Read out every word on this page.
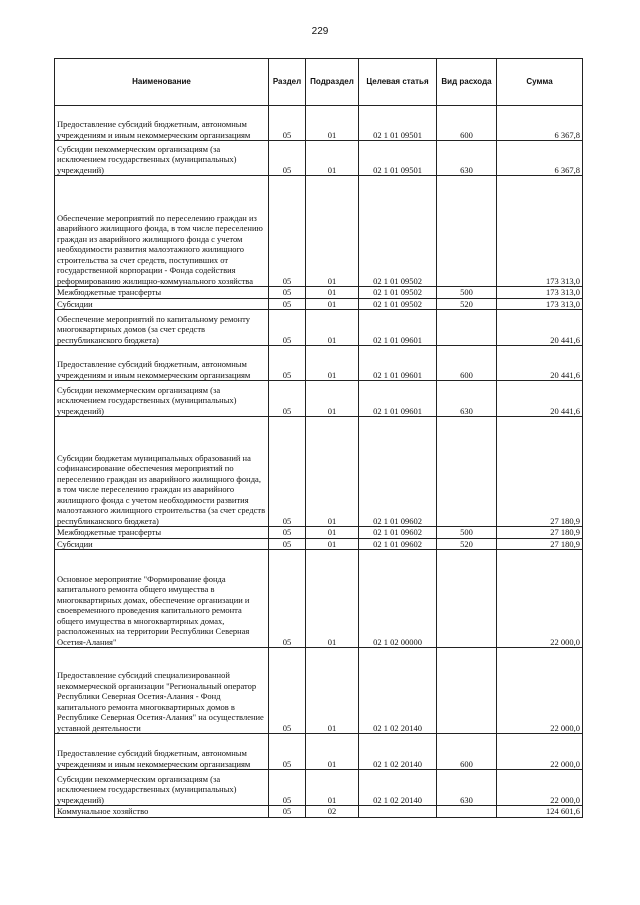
229
Наименование	Раздел	Подраздел	Целевая статья	Вид расхода	Сумма
Предоставление субсидий бюджетным, автономным учреждениям и иным некоммерческим организациям	05	01	02 1 01 09501	600	6 367,8
Субсидии некоммерческим организациям (за исключением государственных (муниципальных) учреждений)	05	01	02 1 01 09501	630	6 367,8
Обеспечение мероприятий по переселению граждан из аварийного жилищного фонда, в том числе переселению граждан из аварийного жилищного фонда с учетом необходимости развития малоэтажного жилищного строительства за счет средств, поступивших от государственной корпорации - Фонда содействия реформированию жилищно-коммунального хозяйства	05	01	02 1 01 09502		173 313,0
Межбюджетные трансферты	05	01	02 1 01 09502	500	173 313,0
Субсидии	05	01	02 1 01 09502	520	173 313,0
Обеспечение мероприятий по капитальному ремонту многоквартирных домов (за счет средств республиканского бюджета)	05	01	02 1 01 09601		20 441,6
Предоставление субсидий бюджетным, автономным учреждениям и иным некоммерческим организациям	05	01	02 1 01 09601	600	20 441,6
Субсидии некоммерческим организациям (за исключением государственных (муниципальных) учреждений)	05	01	02 1 01 09601	630	20 441,6
Субсидии бюджетам муниципальных образований на софинансирование обеспечения мероприятий по переселению граждан из аварийного жилищного фонда, в том числе переселению граждан из аварийного жилищного фонда с учетом необходимости развития малоэтажного жилищного строительства (за счет средств республиканского бюджета)	05	01	02 1 01 09602		27 180,9
Межбюджетные трансферты	05	01	02 1 01 09602	500	27 180,9
Субсидии	05	01	02 1 01 09602	520	27 180,9
Основное мероприятие "Формирование фонда капитального ремонта общего имущества в многоквартирных домах, обеспечение организации и своевременного проведения капитального ремонта общего имущества в многоквартирных домах, расположенных на территории Республики Северная Осетия-Алания"	05	01	02 1 02 00000		22 000,0
Предоставление субсидий специализированной некоммерческой организации "Региональный оператор Республики Северная Осетия-Алания - Фонд капитального ремонта многоквартирных домов в Республике Северная Осетия-Алания" на осуществление уставной деятельности	05	01	02 1 02 20140		22 000,0
Предоставление субсидий бюджетным, автономным учреждениям и иным некоммерческим организациям	05	01	02 1 02 20140	600	22 000,0
Субсидии некоммерческим организациям (за исключением государственных (муниципальных) учреждений)	05	01	02 1 02 20140	630	22 000,0
Коммунальное хозяйство	05	02			124 601,6
